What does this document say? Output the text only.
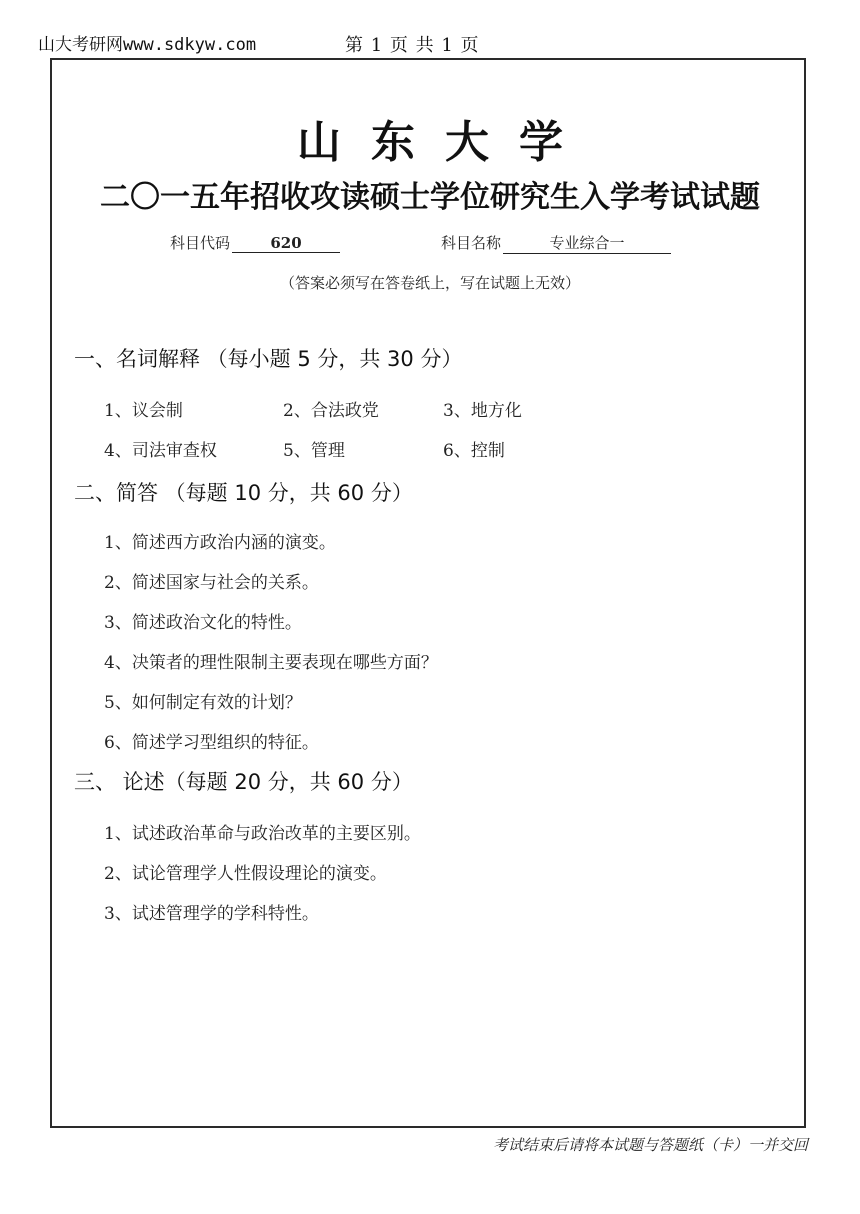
山大考研网www.sdkyw.com	第 1 页 共 1 页
山东大学
二〇一五年招收攻读硕士学位研究生入学考试试题
科目代码	620	科目名称	专业综合一
（答案必须写在答卷纸上，写在试题上无效）
一、名词解释 （每小题 5 分，共 30 分）
1、议会制	2、合法政党	3、地方化
4、司法审查权	5、管理	6、控制
二、简答 （每题 10 分，共 60 分）
1、简述西方政治内涵的演变。
2、简述国家与社会的关系。
3、简述政治文化的特性。
4、决策者的理性限制主要表现在哪些方面？
5、如何制定有效的计划？
6、简述学习型组织的特征。
三、 论述（每题 20 分，共 60 分）
1、试述政治革命与政治改革的主要区别。
2、试论管理学人性假设理论的演变。
3、试述管理学的学科特性。
考试结束后请将本试题与答题纸（卡）一并交回
